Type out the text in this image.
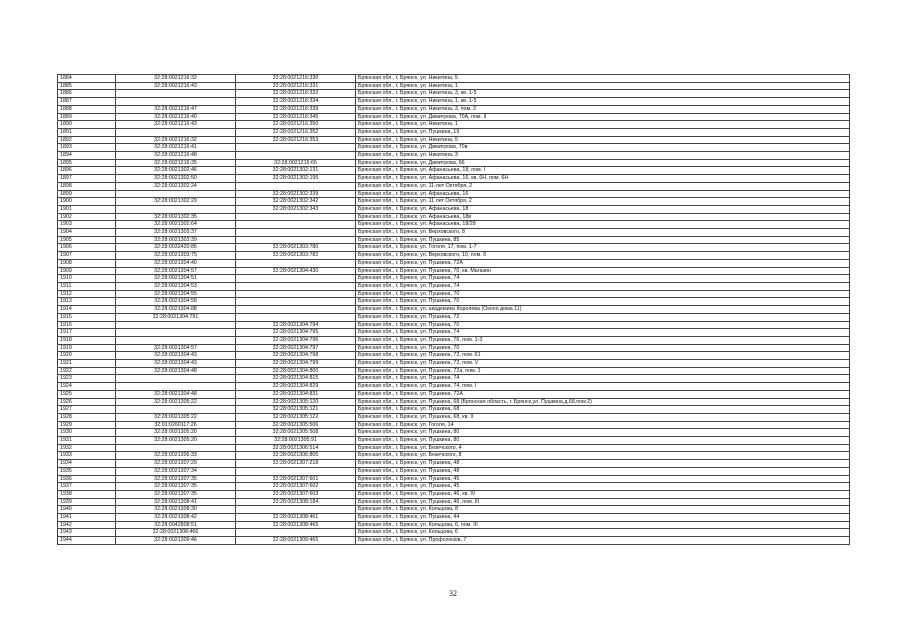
1884	32:28:0021216:32	32:28:0021216:330	Брянская обл., г. Брянск, ул. Никитина, 5
1885	32:28:0021216:43	32:28:0021216:331	Брянская обл., г. Брянск, ул. Никитина, 1
1886		32:28:0021216:332	Брянская обл., г. Брянск, ул. Никитина, 3, кв. 1-5
1887		32:28:0021216:334	Брянская обл., г. Брянск, ул. Никитина, 1, кв. 1-5
1888	32:28:0021216:47	32:28:0021216:339	Брянская обл., г. Брянск, ул. Никитина, 3, пом. 2
1889	32:28:0021216:40	32:28:0021216:345	Брянская обл., г. Брянск, ул. Димитрова, 70А, пом. II
1890	32:28:0021216:43	32:28:0021216:350	Брянская обл., г. Брянск, ул. Никитина, 1
1891		32:28:0021216:352	Брянская обл., г. Брянск, ул. Пушкина, 19
1892	32:28:0021216:32	32:28:0021216:353	Брянская обл., г. Брянск, ул. Никитина, 5
1893	32:28:0021216:41		Брянская обл., г. Брянск, ул. Димитрова, 70в
1894	32:28:0021216:48		Брянская обл., г. Брянск, ул. Никитина, 3
1895	32:28:0021216:35	32:28:0021216:65	Брянская обл., г. Брянск, ул. Димитрова, 66
1896	32:28:0021302:46	32:28:0021302:131	Брянская обл., г. Брянск, ул. Афанасьева, 18, пом. I
1897	32:28:0021302:50	32:28:0021302:195	Брянская обл., г. Брянск, ул. Афанасьева, 16, кв. 6Н, пом. 6Н
1898	32:28:0021302:24		Брянская обл., г. Брянск, ул. 11-лет Октября, 2
1899		32:28:0021302:339	Брянская обл., г. Брянск, ул. Афанасьева, 16
1900	32:28:0021302:29	32:28:0021302:342	Брянская обл., г. Брянск, ул. 11 лет Октября, 2
1901		32:28:0021302:343	Брянская обл., г. Брянск, ул. Афанасьева, 18
1902	32:28:0021302:35		Брянская обл., г. Брянск, ул. Афанасьева, 18в
1903	32:28:0021302:64		Брянская обл., г. Брянск, ул. Афанасьева, 18/28
1904	32:28:0021303:37		Брянская обл., г. Брянск, ул. Верховского, 8
1905	32:28:0021303:39		Брянская обл., г. Брянск, ул. Пушкина, 85
1906	32:28:0032420:86	32:28:0021303:780	Брянская обл., г. Брянск, ул. Гоголя, 17, пом. 1-7
1907	32:28:0021303:75	32:28:0021303:782	Брянская обл., г. Брянск, ул. Верховского, 10, пом. 6
1908	32:28:0021304:40		Брянская обл., г. Брянск, ул. Пушкина, 72А
1909	32:28:0021304:57	32:28:0021304:430	Брянская обл., г. Брянск, ул. Пушкина, 70, кв. Магазин
1910	32:28:0021304:51		Брянская обл., г. Брянск, ул. Пушкина, 74
1911	32:28:0021304:53		Брянская обл., г. Брянск, ул. Пушкина, 74
1912	32:28:0021304:55		Брянская обл., г. Брянск, ул. Пушкина, 70
1913	32:28:0021304:58		Брянская обл., г. Брянск, ул. Пушкина, 70
1914	32:28:0021304:88		Брянская обл., г. Брянск, ул. академика Королева (Около дома 11)
1915	32:28:0021304:791		Брянская обл., г. Брянск, ул. Пушкина, 72
1916		32:28:0021304:794	Брянская обл., г. Брянск, ул. Пушкина, 70
1917		32:28:0021304:795	Брянская обл., г. Брянск, ул. Пушкина, 74
1918		32:28:0021304:796	Брянская обл., г. Брянск, ул. Пушкина, 76, пом. 1-3
1919	32:28:0021304:57	32:28:0021304:797	Брянская обл., г. Брянск, ул. Пушкина, 70
1920	32:28:0021304:43	32:28:0021304:798	Брянская обл., г. Брянск, ул. Пушкина, 72, пом. 61
1921	32:28:0021304:43	32:28:0021304:799	Брянская обл., г. Брянск, ул. Пушкина, 72, пом. V
1922	32:28:0021304:48	32:28:0021304:800	Брянская обл., г. Брянск, ул. Пушкина, 72а, пом. 1
1923		32:28:0021304:815	Брянская обл., г. Брянск, ул. Пушкина, 74
1924		32:28:0021304:829	Брянская обл., г. Брянск, ул. Пушкина, 74, пом. I
1925	32:28:0021304:48	32:28:0021304:831	Брянская обл., г. Брянск, ул. Пушкина, 72А
1926	32:28:0021305:22	32:28:0021305:120	Брянская обл., г. Брянск, ул. Пушкина, 68 (Брянская область, г. Брянск,ул. Пушкина,д.68,пом.2)
1927		32:28:0021305:121	Брянская обл., г. Брянск, ул. Пушкина, 68
1928	32:28:0021305:22	32:28:0021305:122	Брянская обл., г. Брянск, ул. Пушкина, 68, кв. II
1929	32:01:0260117:26	32:28:0021305:506	Брянская обл., г. Брянск, ул. Гоголя, 14
1930	32:28:0021305:20	32:28:0021305:508	Брянская обл., г. Брянск, ул. Пушкина, 80
1931	32:28:0021305:20	32:28:0021305:91	Брянская обл., г. Брянск, ул. Пушкина, 80
1932		32:28:0021306:514	Брянская обл., г. Брянск, ул. Безечского, 4
1933	32:28:0021306:33	32:28:0021306:805	Брянская обл., г. Брянск, ул. Безечского, 8
1934	32:28:0021307:29	32:28:0021307:218	Брянская обл., г. Брянск, ул. Пушкина, 48
1935	32:28:0021307:34		Брянская обл., г. Брянск, ул. Пушкина, 48
1936	32:28:0021307:35	32:28:0021307:601	Брянская обл., г. Брянск, ул. Пушкина, 45
1937	32:28:0021307:35	32:28:0021307:602	Брянская обл., г. Брянск, ул. Пушкина, 45
1938	32:28:0021307:35	32:28:0021307:603	Брянская обл., г. Брянск, ул. Пушкина, 46, кв. IV
1939	32:28:0021308:41	32:28:0021308:184	Брянская обл., г. Брянск, ул. Пушкина, 46, пом. III
1940	32:28:0021308:30		Брянская обл., г. Брянск, ул. Кольцова, 8
1941	32:28:0021308:42	32:28:0021308:461	Брянская обл., г. Брянск, ул. Пушкина, 44
1942	32:28:0042808:51	32:28:0021308:465	Брянская обл., г. Брянск, ул. Кольцова, 6, пом. III
1943	32:28:0021308:466		Брянская обл., г. Брянск, ул. Кольцова, 6
1944	32:28:0021309:46	32:28:0021309:465	Брянская обл., г. Брянск, ул. Профсоюзов, 7
32
